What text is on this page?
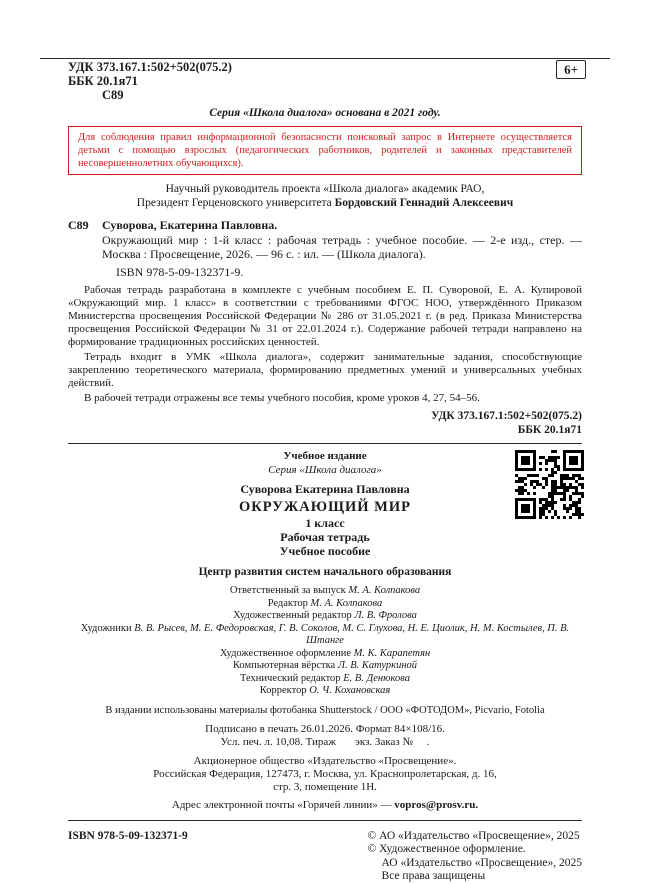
УДК 373.167.1:502+502(075.2)
ББК 20.1я71
С89
6+
Серия «Школа диалога» основана в 2021 году.
Для соблюдения правил информационной безопасности поисковый запрос в Интернете осуществляется детьми с помощью взрослых (педагогических работников, родителей и законных представителей несовершеннолетних обучающихся).
Научный руководитель проекта «Школа диалога» академик РАО,
Президент Герценовского университета Бордовский Геннадий Алексеевич
С89	Суворова, Екатерина Павловна.
Окружающий мир : 1-й класс : рабочая тетрадь : учебное пособие. — 2-е изд., стер. — Москва : Просвещение, 2026. — 96 с. : ил. — (Школа диалога).
ISBN 978-5-09-132371-9.

Рабочая тетрадь разработана в комплекте с учебным пособием Е. П. Суворовой, Е. А. Купировой «Окружающий мир. 1 класс» в соответствии с требованиями ФГОС НОО, утверждённого Приказом Министерства просвещения Российской Федерации № 286 от 31.05.2021 г. (в ред. Приказа Министерства просвещения Российской Федерации № 31 от 22.01.2024 г.). Содержание рабочей тетради направлено на формирование традиционных российских ценностей.

Тетрадь входит в УМК «Школа диалога», содержит занимательные задания, способствующие закреплению теоретического материала, формированию предметных умений и универсальных учебных действий.

В рабочей тетради отражены все темы учебного пособия, кроме уроков 4, 27, 54–56.

УДК 373.167.1:502+502(075.2)
ББК 20.1я71
Учебное издание
Серия «Школа диалога»
Суворова Екатерина Павловна
ОКРУЖАЮЩИЙ МИР
1 класс
Рабочая тетрадь
Учебное пособие
Центр развития систем начального образования
Ответственный за выпуск М. А. Колпакова
Редактор М. А. Колпакова
Художественный редактор Л. В. Фролова
Художники В. В. Рысев, М. Е. Федоровская, Г. В. Соколов, М. С. Глухова, Н. Е. Циолик, Н. М. Костылев, П. В. Штанге
Художественное оформление М. К. Карапетян
Компьютерная вёрстка Л. В. Катуркиной
Технический редактор Е. В. Денюкова
Корректор О. Ч. Кохановская
В издании использованы материалы фотобанка Shutterstock / ООО «ФОТОДОМ», Picvario, Fotolia
Подписано в печать 26.01.2026. Формат 84×108/16.
Усл. печ. л. 10,08. Тираж       экз. Заказ №     .
Акционерное общество «Издательство «Просвещение».
Российская Федерация, 127473, г. Москва, ул. Краснопролетарская, д. 16,
стр. 3, помещение 1Н.
Адрес электронной почты «Горячей линии» — vopros@prosv.ru.
ISBN 978-5-09-132371-9	© АО «Издательство «Просвещение», 2025
© Художественное оформление.
АО «Издательство «Просвещение», 2025
Все права защищены
